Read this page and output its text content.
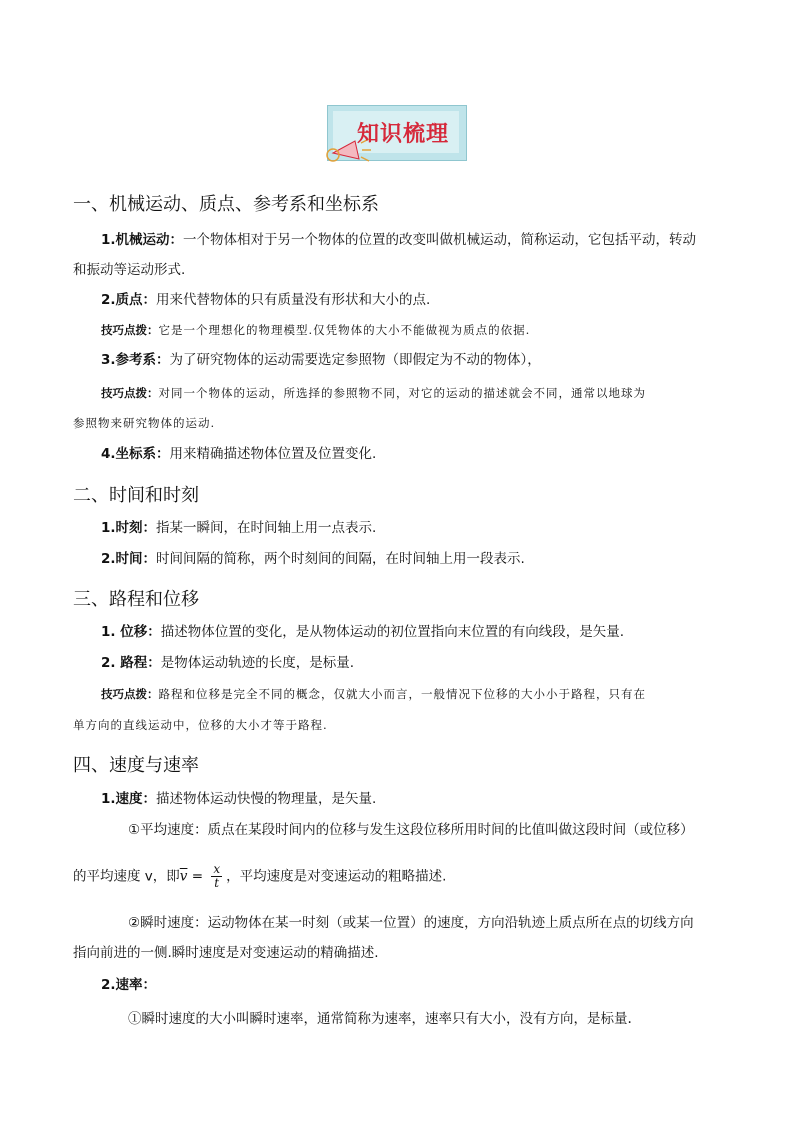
知识梳理
一、机械运动、质点、参考系和坐标系
1.机械运动：一个物体相对于另一个物体的位置的改变叫做机械运动，简称运动，它包括平动，转动
和振动等运动形式.
2.质点：用来代替物体的只有质量没有形状和大小的点.
技巧点拨：它是一个理想化的物理模型.仅凭物体的大小不能做视为质点的依据.
3.参考系：为了研究物体的运动需要选定参照物（即假定为不动的物体），
技巧点拨：对同一个物体的运动，所选择的参照物不同，对它的运动的描述就会不同，通常以地球为
参照物来研究物体的运动.
4.坐标系：用来精确描述物体位置及位置变化.
二、时间和时刻
1.时刻：指某一瞬间，在时间轴上用一点表示.
2.时间：时间间隔的简称，两个时刻间的间隔，在时间轴上用一段表示.
三、路程和位移
1. 位移：描述物体位置的变化，是从物体运动的初位置指向末位置的有向线段，是矢量.
2. 路程：是物体运动轨迹的长度，是标量.
技巧点拨：路程和位移是完全不同的概念，仅就大小而言，一般情况下位移的大小小于路程，只有在
单方向的直线运动中，位移的大小才等于路程.
四、速度与速率
1.速度：描述物体运动快慢的物理量，是矢量.
①平均速度：质点在某段时间内的位移与发生这段位移所用时间的比值叫做这段时间（或位移）
的平均速度 v，即$\overline{v} = \frac{x}{t}$ ，平均速度是对变速运动的粗略描述.
②瞬时速度：运动物体在某一时刻（或某一位置）的速度，方向沿轨迹上质点所在点的切线方向
指向前进的一侧.瞬时速度是对变速运动的精确描述.
2.速率：
①瞬时速度的大小叫瞬时速率，通常简称为速率，速率只有大小，没有方向，是标量.
